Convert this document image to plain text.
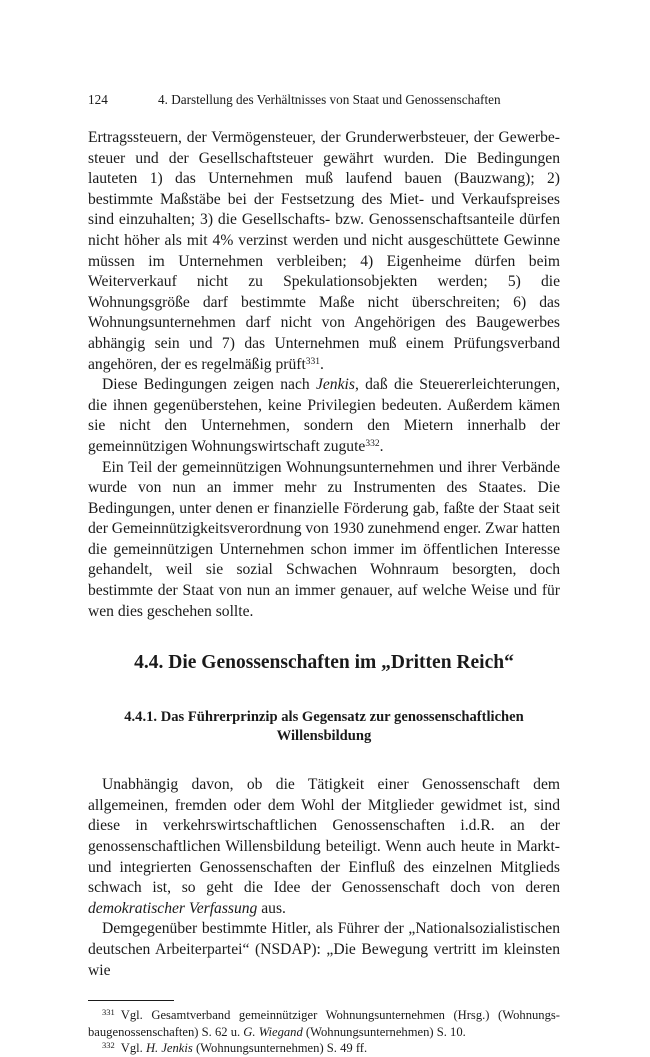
124	4. Darstellung des Verhältnisses von Staat und Genossenschaften

Ertragssteuern, der Vermögensteuer, der Grunderwerbsteuer, der Gewerbesteuer und der Gesellschaftsteuer gewährt wurden. Die Bedingungen lauteten 1) das Unternehmen muß laufend bauen (Bauzwang); 2) bestimmte Maßstäbe bei der Festsetzung des Miet- und Verkaufspreises sind einzuhalten; 3) die Gesellschafts- bzw. Genossenschaftsanteile dürfen nicht höher als mit 4% verzinst werden und nicht ausgeschüttete Gewinne müssen im Unternehmen verbleiben; 4) Eigenheime dürfen beim Weiterverkauf nicht zu Spekulationsobjekten werden; 5) die Wohnungsgröße darf bestimmte Maße nicht überschreiten; 6) das Wohnungsunternehmen darf nicht von Angehörigen des Baugewerbes abhängig sein und 7) das Unternehmen muß einem Prüfungsverband angehören, der es regelmäßig prüft$^{331}$.

Diese Bedingungen zeigen nach Jenkis, daß die Steuererleichterungen, die ihnen gegenüberstehen, keine Privilegien bedeuten. Außerdem kämen sie nicht den Unternehmen, sondern den Mietern innerhalb der gemeinnützigen Wohnungswirtschaft zugute$^{332}$.

Ein Teil der gemeinnützigen Wohnungsunternehmen und ihrer Verbände wurde von nun an immer mehr zu Instrumenten des Staates. Die Bedingungen, unter denen er finanzielle Förderung gab, faßte der Staat seit der Gemeinnützigkeitsverordnung von 1930 zunehmend enger. Zwar hatten die gemeinnützigen Unternehmen schon immer im öffentlichen Interesse gehandelt, weil sie sozial Schwachen Wohnraum besorgten, doch bestimmte der Staat von nun an immer genauer, auf welche Weise und für wen dies geschehen sollte.

4.4. Die Genossenschaften im „Dritten Reich“
4.4.1. Das Führerprinzip als Gegensatz zur genossenschaftlichen
Willensbildung

Unabhängig davon, ob die Tätigkeit einer Genossenschaft dem allgemeinen, fremden oder dem Wohl der Mitglieder gewidmet ist, sind diese in verkehrswirtschaftlichen Genossenschaften i.d.R. an der genossenschaftlichen Willensbildung beteiligt. Wenn auch heute in Markt- und integrierten Genossenschaften der Einfluß des einzelnen Mitglieds schwach ist, so geht die Idee der Genossenschaft doch von deren demokratischer Verfassung aus.

Demgegenüber bestimmte Hitler, als Führer der „Nationalsozialistischen deutschen Arbeiterpartei“ (NSDAP): „Die Bewegung vertritt im kleinsten wie

$^{331}$ Vgl. Gesamtverband gemeinnütziger Wohnungsunternehmen (Hrsg.) (Wohnungsbaugenossenschaften) S. 62 u. G. Wiegand (Wohnungsunternehmen) S. 10.

$^{332}$ Vgl. H. Jenkis (Wohnungsunternehmen) S. 49 ff.
